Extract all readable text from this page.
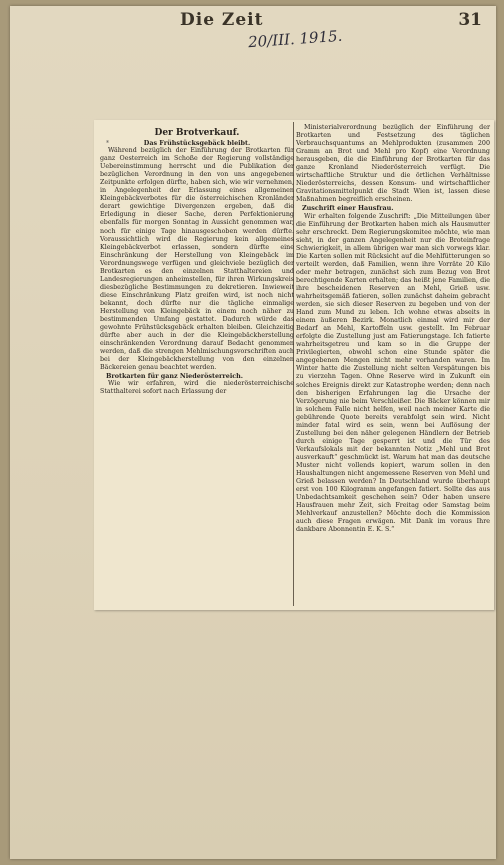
Die Zeit	31
20/III. 1915.
*

Der Brotverkauf.

Das Frühstücksgebäck bleibt.

Während bezüglich der Einführung der Brotkarten für ganz Oesterreich im Schoße der Regierung vollständige Uebereinstimmung herrscht und die Publikation der bezüglichen Verordnung in den von uns angegebenen Zeitpunkte erfolgen dürfte, haben sich, wie wir vernehmen, in Angelegenheit der Erlassung eines allgemeinen Kleingebäckverbotes für die österreichischen Kronländer derart gewichtige Divergenzen ergeben, daß die Erledigung in dieser Sache, deren Perfektionierung ebenfalls für morgen Sonntag in Aussicht genommen war, noch für einige Tage hinausgeschoben werden dürfte. Voraussichtlich wird die Regierung kein allgemeines Kleingebäckverbot erlassen, sondern dürfte eine Einschränkung der Herstellung von Kleingebäck im Verordnungswege verfügen und gleichviele bezüglich der Brotkarten es den einzelnen Statthaltereien und Landesregierungen anheimstellen, für ihren Wirkungskreis diesbezügliche Bestimmungen zu dekretieren. Inwieweit diese Einschränkung Platz greifen wird, ist noch nicht bekannt, doch dürfte nur die tägliche einmalige Herstellung von Kleingebäck in einem noch näher zu bestimmenden Umfang gestattet. Dadurch würde das gewohnte Frühstücksgebäck erhalten bleiben. Gleichzeitig dürfte aber auch in der die Kleingebäckherstellung einschränkenden Verordnung darauf Bedacht genommen werden, daß die strengen Mehlmischungsvorschriften auch bei der Kleingebäckherstellung von den einzelnen Bäckereien genau beachtet werden.

Brotkarten für ganz Niederösterreich.

Wie wir erfahren, wird die niederösterreichische Statthalterei sofort nach Erlassung der

Ministerialverordnung bezüglich der Einführung der Brotkarten und Festsetzung des täglichen Verbrauchsquantums an Mehlprodukten (zusammen 200 Gramm an Brot und Mehl pro Kopf) eine Verordnung herausgeben, die die Einführung der Brotkarten für das ganze Kronland Niederösterreich verfügt. Die wirtschaftliche Struktur und die örtlichen Verhältnisse Niederösterreichs, dessen Konsum- und wirtschaftlicher Gravitationsmittelpunkt die Stadt Wien ist, lassen diese Maßnahmen begreiflich erscheinen.

Zuschrift einer Hausfrau.

Wir erhalten folgende Zuschrift: „Die Mitteilungen über die Einführung der Brotkarten haben mich als Hausmutter sehr erschreckt. Dem Regierungskomitee möchte, wie man sieht, in der ganzen Angelegenheit nur die Broteinfrage Schwierigkeit, in allem übrigen war man sich vorwegs klar. Die Karten sollen mit Rücksicht auf die Mehlfütterungen so verteilt werden, daß Familien, wenn ihre Vorräte 20 Kilo oder mehr betragen, zunächst sich zum Bezug von Brot berechtigende Karten erhalten; das heißt jene Familien, die ihre bescheidenen Reserven an Mehl, Grieß usw. wahrheitsgemäß fatieren, sollen zunächst daheim gebracht werden, sie sich dieser Reserven zu begeben und von der Hand zum Mund zu leben. Ich wohne etwas abseits in einem äußeren Bezirk. Monatlich einmal wird mir der Bedarf an Mehl, Kartoffeln usw. gestellt. Im Februar erfolgte die Zustellung just am Fatierungstage. Ich fatierte wahrheitsgetreu und kam so in die Gruppe der Privilegierten, obwohl schon eine Stunde später die angegebenen Mengen nicht mehr vorhanden waren. Im Winter hatte die Zustellung nicht selten Verspätungen bis zu vierzehn Tagen. Ohne Reserve wird in Zukunft ein solches Ereignis direkt zur Katastrophe werden; denn nach den bisherigen Erfahrungen lag die Ursache der Verzögerung nie beim Verschleißer. Die Bäcker können mir in solchem Falle nicht helfen, weil nach meiner Karte die gebührende Quote bereits verabfolgt sein wird. Nicht minder fatal wird es sein, wenn bei Auflösung der Zustellung bei den näher gelegenen Händlern der Betrieb durch einige Tage gesperrt ist und die Tür des Verkaufslokals mit der bekannten Notiz „Mehl und Brot ausverkauft“ geschmückt ist. Warum hat man das deutsche Muster nicht vollends kopiert, warum sollen in den Haushaltungen nicht angemessene Reserven von Mehl und Grieß belassen werden? In Deutschland wurde überhaupt erst von 100 Kilogramm angefangen fatiert. Sollte das aus Unbedachtsamkeit geschehen sein? Oder haben unsere Hausfrauen mehr Zeit, sich Freitag oder Samstag beim Mehlverkauf anzustellen? Möchte doch die Kommission auch diese Fragen erwägen. Mit Dank im voraus Ihre dankbare Abonnentin E. K. S.“
